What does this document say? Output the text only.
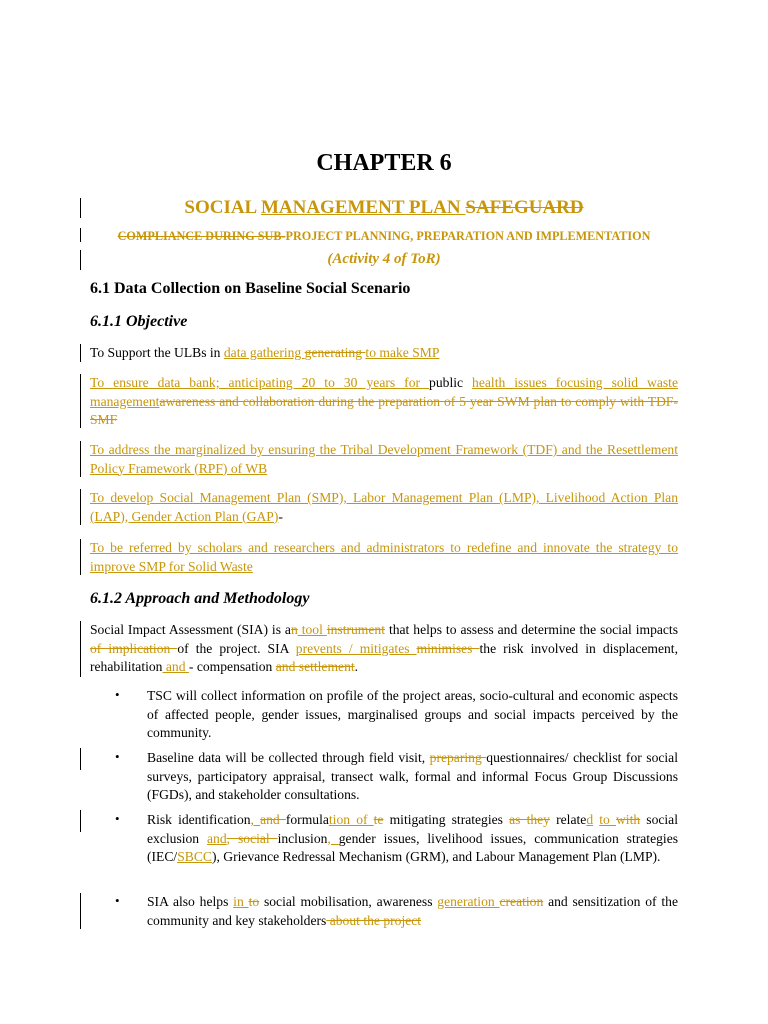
CHAPTER 6
SOCIAL MANAGEMENT PLAN SAFEGUARD
COMPLIANCE DURING SUB-PROJECT PLANNING, PREPARATION AND IMPLEMENTATION
(Activity 4 of ToR)
6.1 Data Collection on Baseline Social Scenario
6.1.1 Objective
To Support the ULBs in data gathering generating to make SMP
To ensure data bank; anticipating 20 to 30 years for public health issues focusing solid waste managementawareness and collaboration during the preparation of 5 year SWM plan to comply with TDF-SMF
To address the marginalized by ensuring the Tribal Development Framework (TDF) and the Resettlement Policy Framework (RPF) of WB
To develop Social Management Plan (SMP), Labor Management Plan (LMP), Livelihood Action Plan (LAP), Gender Action Plan (GAP)-
To be referred by scholars and researchers and administrators to redefine and innovate the strategy to improve SMP for Solid Waste
6.1.2 Approach and Methodology
Social Impact Assessment (SIA) is an tool instrument that helps to assess and determine the social impacts of implication of the project. SIA prevents / mitigates minimises the risk involved in displacement, rehabilitation and - compensation and settlement.
• TSC will collect information on profile of the project areas, socio-cultural and economic aspects of affected people, gender issues, marginalised groups and social impacts perceived by the community.
• Baseline data will be collected through field visit, preparing questionnaires/ checklist for social surveys, participatory appraisal, transect walk, formal and informal Focus Group Discussions (FGDs), and stakeholder consultations.
• Risk identification, and formulation of te mitigating strategies as they related to with social exclusion and, social inclusion, gender issues, livelihood issues, communication strategies (IEC/SBCC), Grievance Redressal Mechanism (GRM), and Labour Management Plan (LMP).
• SIA also helps in to social mobilisation, awareness generation creation and sensitization of the community and key stakeholders about the project
